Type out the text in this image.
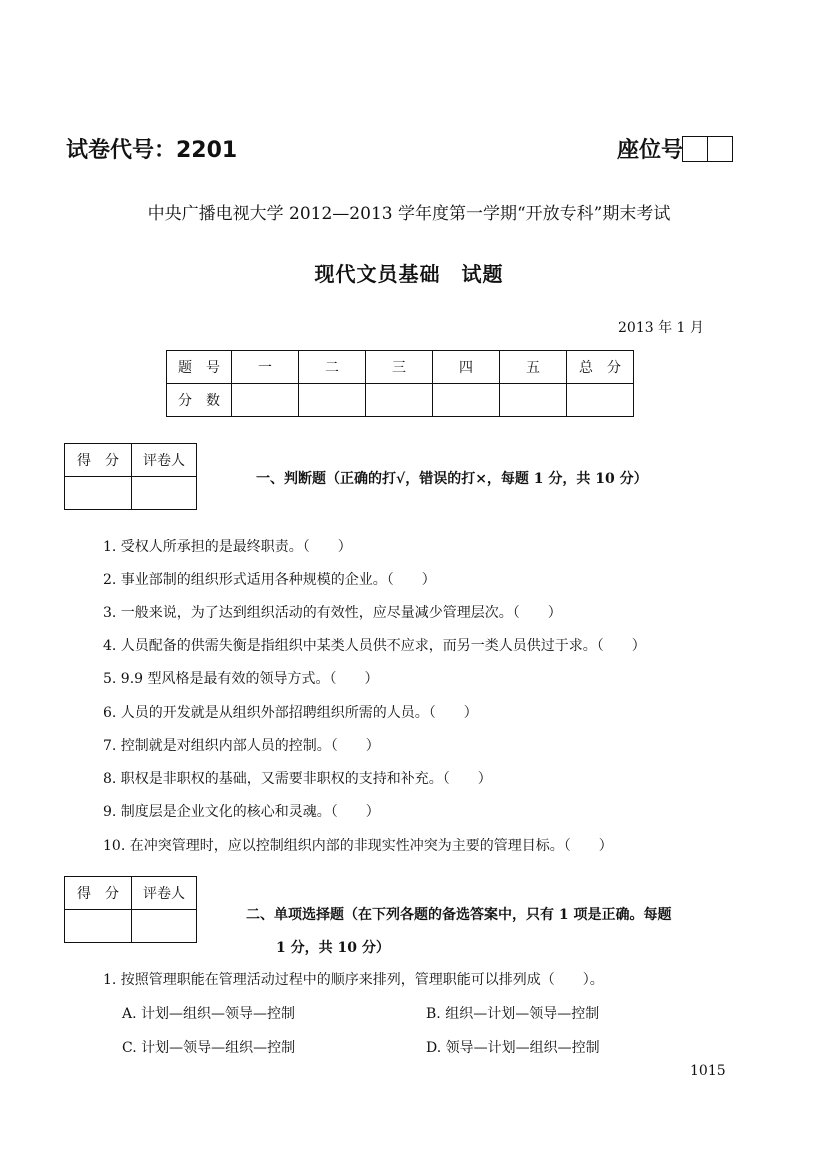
试卷代号：2201	座位号
中央广播电视大学 2012—2013 学年度第一学期“开放专科”期末考试
现代文员基础　试题
2013 年 1 月
题　号	一	二	三	四	五	总　分
分　数						
得　分	评卷人

一、判断题（正确的打√，错误的打×，每题 1 分，共 10 分）
1. 受权人所承担的是最终职责。（　　）
2. 事业部制的组织形式适用各种规模的企业。（　　）
3. 一般来说，为了达到组织活动的有效性，应尽量减少管理层次。（　　）
4. 人员配备的供需失衡是指组织中某类人员供不应求，而另一类人员供过于求。（　　）
5. 9.9 型风格是最有效的领导方式。（　　）
6. 人员的开发就是从组织外部招聘组织所需的人员。（　　）
7. 控制就是对组织内部人员的控制。（　　）
8. 职权是非职权的基础，又需要非职权的支持和补充。（　　）
9. 制度层是企业文化的核心和灵魂。（　　）
10. 在冲突管理时，应以控制组织内部的非现实性冲突为主要的管理目标。（　　）
得　分	评卷人

二、单项选择题（在下列各题的备选答案中，只有 1 项是正确。每题
1 分，共 10 分）
1. 按照管理职能在管理活动过程中的顺序来排列，管理职能可以排列成（　　）。
A. 计划—组织—领导—控制	B. 组织—计划—领导—控制
C. 计划—领导—组织—控制	D. 领导—计划—组织—控制
1015
